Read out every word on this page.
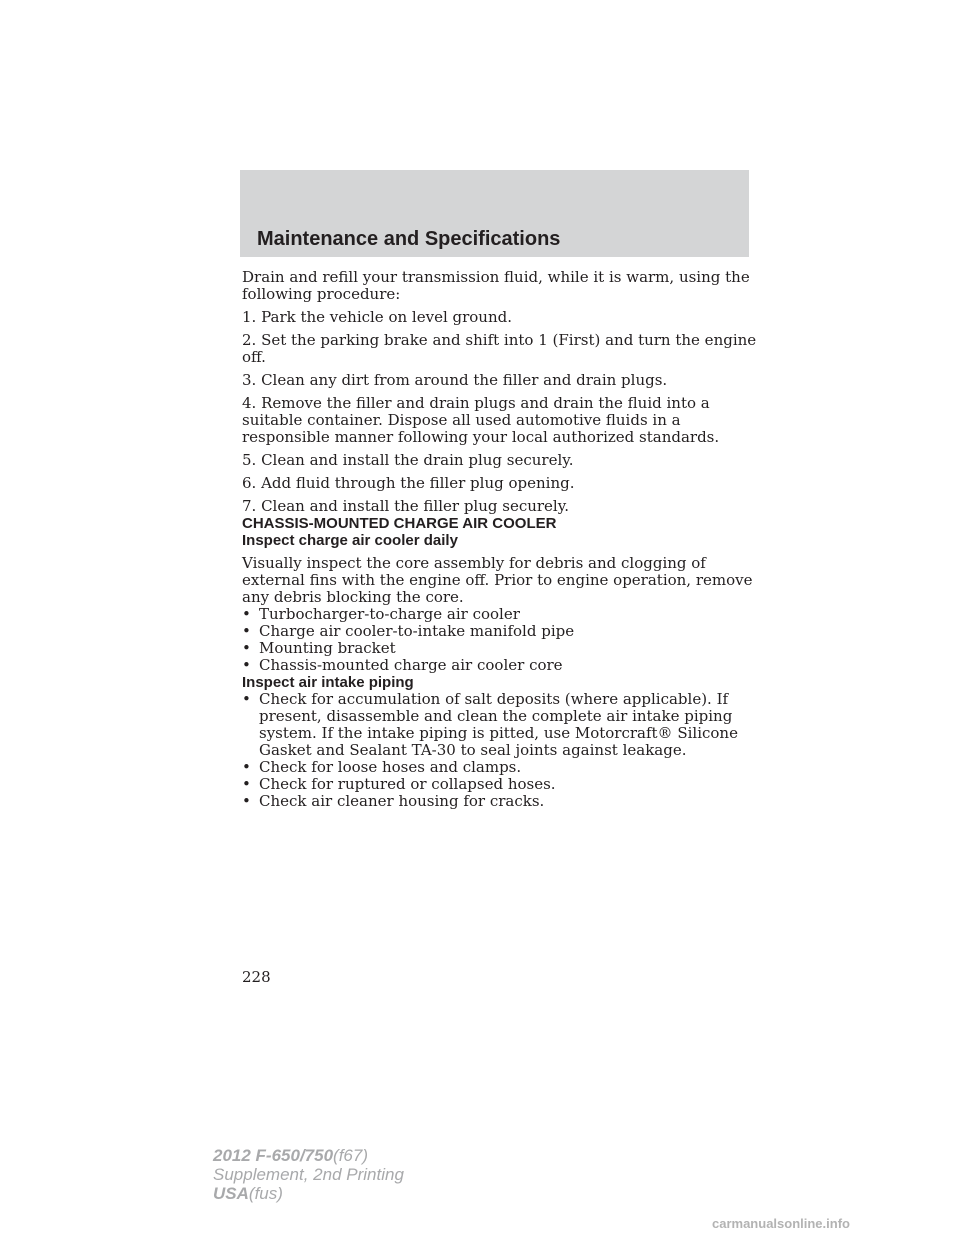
Maintenance and Specifications

Drain and refill your transmission fluid, while it is warm, using the following procedure:

1. Park the vehicle on level ground.

2. Set the parking brake and shift into 1 (First) and turn the engine off.

3. Clean any dirt from around the filler and drain plugs.

4. Remove the filler and drain plugs and drain the fluid into a suitable container. Dispose all used automotive fluids in a responsible manner following your local authorized standards.

5. Clean and install the drain plug securely.

6. Add fluid through the filler plug opening.

7. Clean and install the filler plug securely.

CHASSIS-MOUNTED CHARGE AIR COOLER

Inspect charge air cooler daily

Visually inspect the core assembly for debris and clogging of external fins with the engine off. Prior to engine operation, remove any debris blocking the core.

• Turbocharger-to-charge air cooler

• Charge air cooler-to-intake manifold pipe

• Mounting bracket

• Chassis-mounted charge air cooler core

Inspect air intake piping

• Check for accumulation of salt deposits (where applicable). If present, disassemble and clean the complete air intake piping system. If the intake piping is pitted, use Motorcraft® Silicone Gasket and Sealant TA-30 to seal joints against leakage.

• Check for loose hoses and clamps.

• Check for ruptured or collapsed hoses.

• Check air cleaner housing for cracks.

228
2012 F-650/750(f67)
Supplement, 2nd Printing
USA(fus)
carmanualsonline.info
